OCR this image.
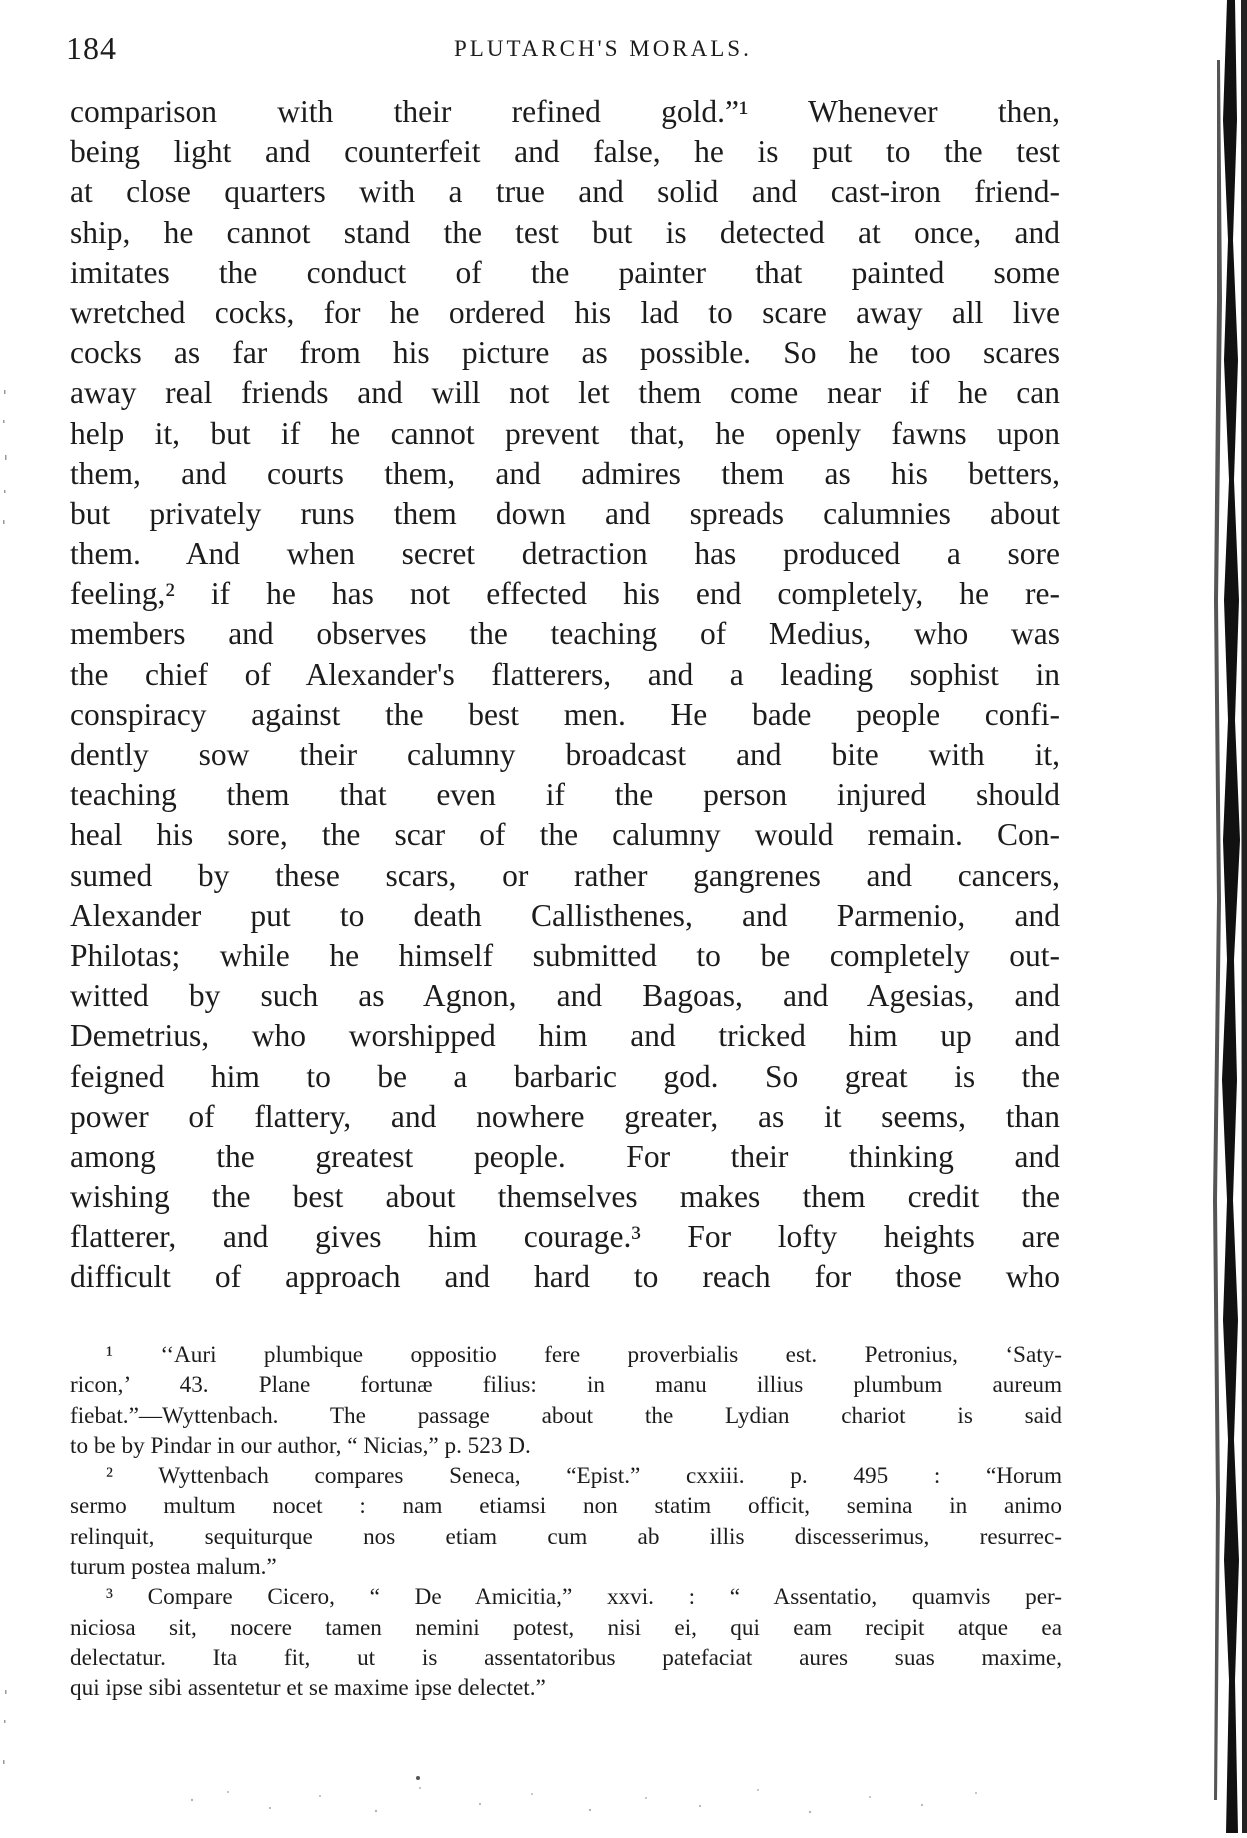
184	PLUTARCH'S MORALS.
comparison with their refined gold.”¹ Whenever then,
being light and counterfeit and false, he is put to the test
at close quarters with a true and solid and cast-iron friend-
ship, he cannot stand the test but is detected at once, and
imitates the conduct of the painter that painted some
wretched cocks, for he ordered his lad to scare away all live
cocks as far from his picture as possible. So he too scares
away real friends and will not let them come near if he can
help it, but if he cannot prevent that, he openly fawns upon
them, and courts them, and admires them as his betters,
but privately runs them down and spreads calumnies about
them. And when secret detraction has produced a sore
feeling,² if he has not effected his end completely, he re-
members and observes the teaching of Medius, who was
the chief of Alexander's flatterers, and a leading sophist in
conspiracy against the best men. He bade people confi-
dently sow their calumny broadcast and bite with it,
teaching them that even if the person injured should
heal his sore, the scar of the calumny would remain. Con-
sumed by these scars, or rather gangrenes and cancers,
Alexander put to death Callisthenes, and Parmenio, and
Philotas; while he himself submitted to be completely out-
witted by such as Agnon, and Bagoas, and Agesias, and
Demetrius, who worshipped him and tricked him up and
feigned him to be a barbaric god. So great is the
power of flattery, and nowhere greater, as it seems, than
among the greatest people. For their thinking and
wishing the best about themselves makes them credit the
flatterer, and gives him courage.³ For lofty heights are
difficult of approach and hard to reach for those who
¹ ‘‘Auri plumbique oppositio fere proverbialis est. Petronius, ‘Saty-
ricon,’ 43. Plane fortunæ filius: in manu illius plumbum aureum
fiebat.”—Wyttenbach. The passage about the Lydian chariot is said
to be by Pindar in our author, “ Nicias,” p. 523 D.
² Wyttenbach compares Seneca, “Epist.” cxxiii. p. 495 : “Horum
sermo multum nocet : nam etiamsi non statim officit, semina in animo
relinquit, sequiturque nos etiam cum ab illis discesserimus, resurrec-
turum postea malum.”
³ Compare Cicero, “ De Amicitia,” xxvi. : “ Assentatio, quamvis per-
niciosa sit, nocere tamen nemini potest, nisi ei, qui eam recipit atque ea
delectatur. Ita fit, ut is assentatoribus patefaciat aures suas maxime,
qui ipse sibi assentetur et se maxime ipse delectet.”
